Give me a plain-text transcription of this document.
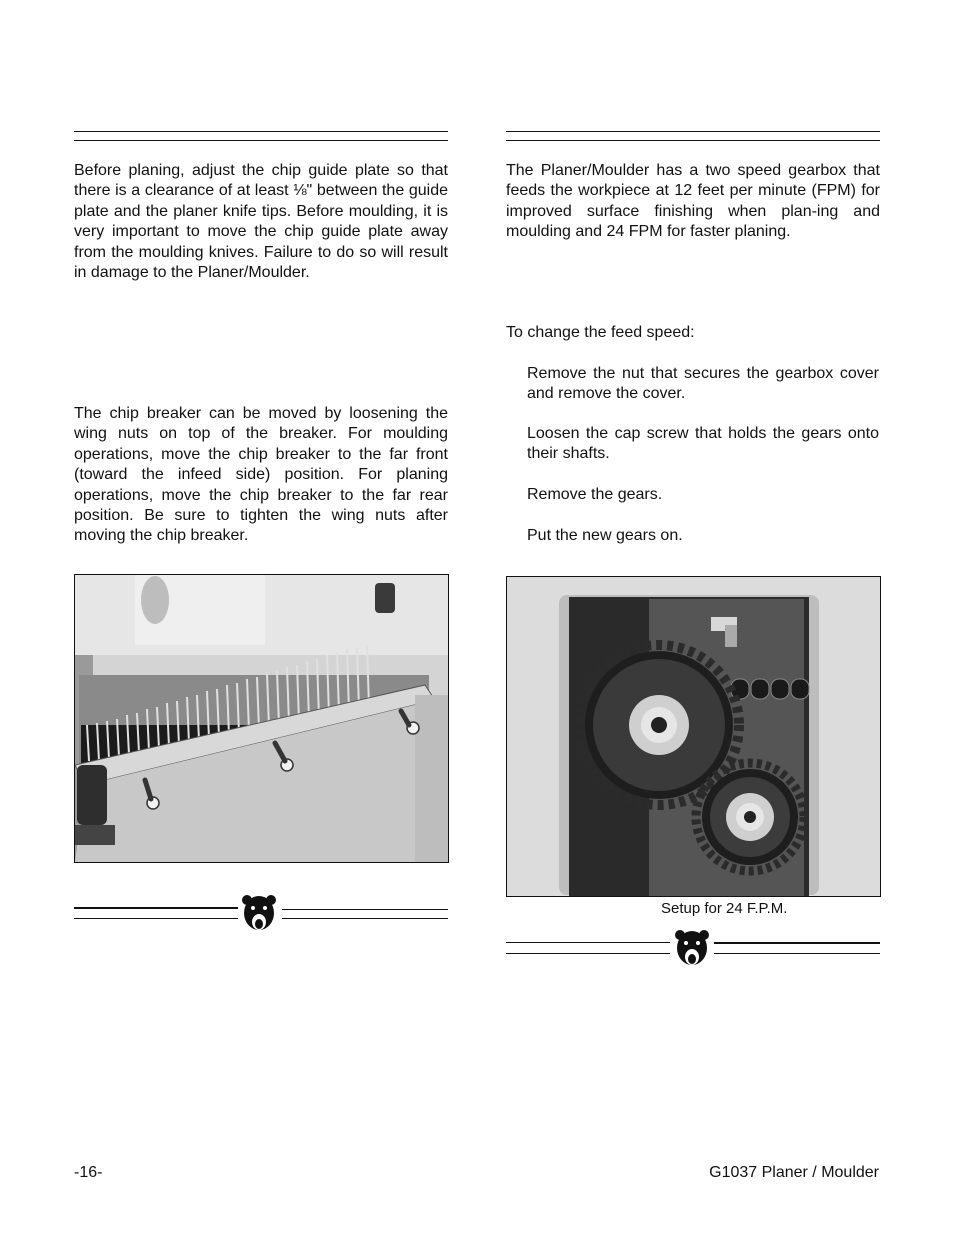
Before planing, adjust the chip guide plate so that there is a clearance of at least ⅛" between the guide plate and the planer knife tips. Before moulding, it is very important to move the chip guide plate away from the moulding knives. Failure to do so will result in damage to the Planer/Moulder.

The chip breaker can be moved by loosening the wing nuts on top of the breaker. For moulding operations, move the chip breaker to the far front (toward the infeed side) position. For planing operations, move the chip breaker to the far rear position. Be sure to tighten the wing nuts after moving the chip breaker.

The Planer/Moulder has a two speed gearbox that feeds the workpiece at 12 feet per minute (FPM) for improved surface finishing when plan-ing and moulding and 24 FPM for faster planing.

To change the feed speed:

Remove the nut that secures the gearbox cover and remove the cover.

Loosen the cap screw that holds the gears onto their shafts.

Remove the gears.

Put the new gears on.

Setup for 24 F.P.M.
-16-	G1037 Planer / Moulder
